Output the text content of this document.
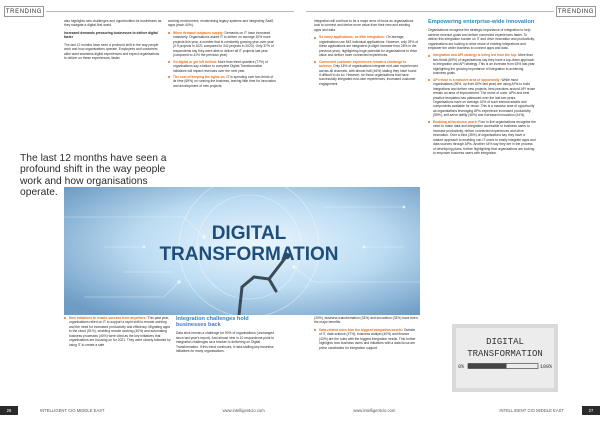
TRENDING	TRENDING

also highlights new challenges and opportunities for businesses as they navigate a digital-first world.

Increased demands pressuring businesses to deliver digital faster

The last 12 months have seen a profound shift in the way people work and how organisations operate. Employees and customers alike want seamless digital experiences and expect organisations to deliver on these experiences, faster.

The last 12 months have seen a profound shift in the way people work and how organisations operate.

working environment, modernising legacy systems and integrating SaaS apps (each 40%).

When demand outpaces supply: Demands on IT have increased massively. Organisations asked IT to deliver on average 30% more projects this year, a number that is constantly growing year-over-year (0.9 projects in 2021 compared to 342 projects in 2020). Only 37% of respondents say they were able to deliver all IT projects last year (compared to 41% the previous year).
Go digital or get left behind: More than three-quarters (77%) of organisations say a failure to complete Digital Transformation initiatives will impact revenues over the next year.
The cost of keeping the lights on: IT is spending over two-thirds of its time (69%) on running the business, leaving little time for innovation and development of new projects.

integration will continue to be a major area of focus as organisations look to connect and derive more value from their new and existing apps and data.

So many applications, so little integration: On average, organisations use 843 individual applications. However, only 29% of these applications are integrated (a slight increase from 28% in the previous year), highlighting huge potential for organisations to drive value and deliver more connected experiences.
Connected customer experiences remain a challenge to achieve: Only 18% of organisations integrate end-user experiences across all channels, with almost half (46%) stating they have found it difficult to do so. However, for those organisations that have successfully integrated end-user experiences, increased customer engagement
DIGITAL
TRANSFORMATION
Empowering enterprise-wide innovation

Organisations recognise the strategic importance of integration to help achieve revenue goals and deliver connected experiences faster. To deliver this integration burden on IT and drive innovation and productivity, organisations are looking to drive reuse of existing integrations and empower the wider business to connect apps and data.

Integration and API strategy is being led from the top: More than two-thirds (69%) of organisations say they have a top-down approach to integration and API strategy. This is an increase from 63% last year, highlighting the growing importance of integration to achieving business goals.
API reuse is a massive area of opportunity: While most organisations (96%, up from 80% last year) are using APIs to build integrations and deliver new projects, best practices around API reuse remain an area of improvement. The reuse of code, APIs and best practice templates has plateaued over the last two years. Organisations have on average 42% of such internal assets and components available for reuse. This is a massive area of opportunity as organisations leveraging APIs experience increased productivity (55%), self-serve ability (46%) and increased innovation (44%).
Enabling all business users: Four in five organisations recognise the need to make data and integration accessible to business users to increase productivity, deliver connected experiences and drive innovation. Over a third (35%) of organisations say they have a mature approach to enabling non-IT users to easily integrate apps and data sources through APIs. Another 44% say they are in the process of developing plans, further highlighting that organisations are looking to empower business users with integration.
DIGITAL
TRANSFORMATION
0%	100%
New initiatives to enable success from anywhere: This past year, organisations relied on IT to support a rapid shift to remote working and the need for increased productivity and efficiency. Migrating apps to the cloud (51%), enabling remote working (40%) and automating business processes (40%) were cited as the key initiatives that organisations are focusing on for 2021. They were closely followed by using IT to create a safe
Integration challenges hold businesses back

Data silos remain a challenge for 90% of organisations (unchanged since last year's report). And almost nine in 10 respondents point to integration challenges as a blocker to delivering on Digital Transformation. If this trend continues, it risks stalling key business initiatives for many organisations.

(33%), business transformation (33%) and innovation (33%) have been the major benefits.

Data-related roles turn the biggest integration assets: Outside of IT, data science (47%), business analyst (40%) and finance (43%) are the roles with the biggest integration needs. This further highlights how business users and initiatives with a data focus are prime candidates for integration support.
26	INTELLIGENT CIO MIDDLE EAST	www.intelligentcio.com	www.intelligentcio.com	INTELLIGENT CIO MIDDLE EAST	27
